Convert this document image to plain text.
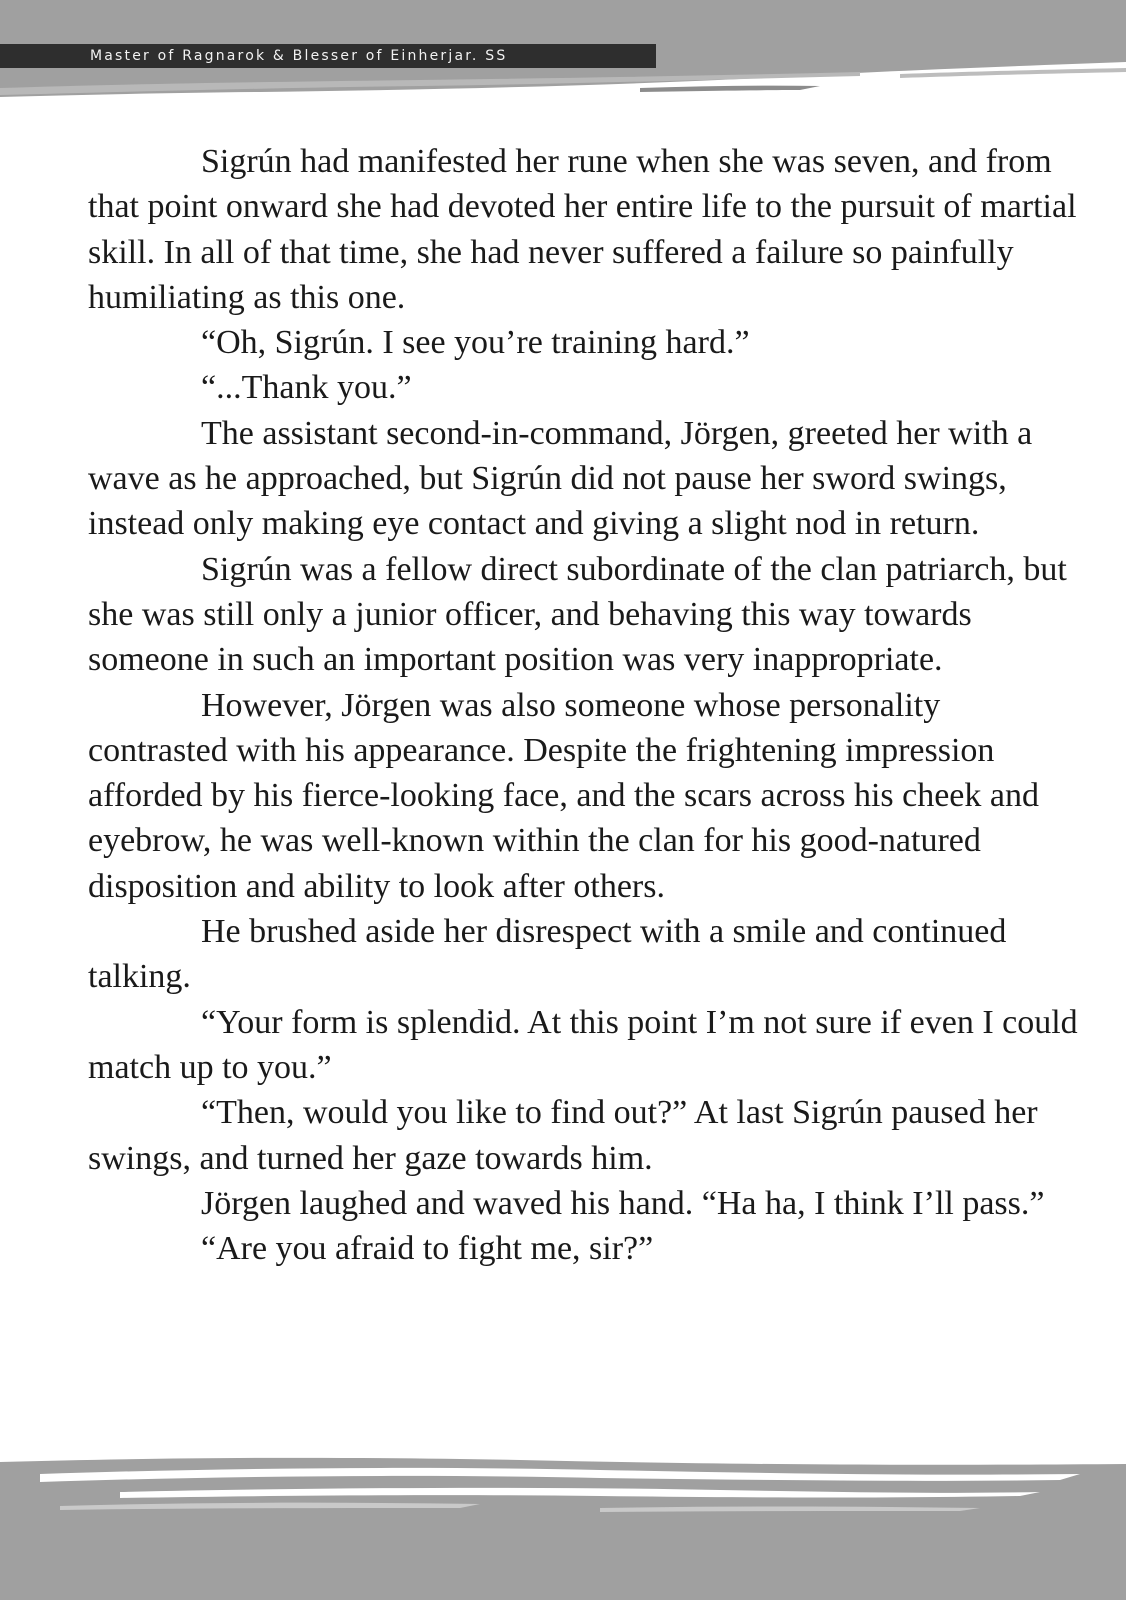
Master of Ragnarok & Blesser of Einherjar. SS

Sigrún had manifested her rune when she was seven, and from that point onward she had devoted her entire life to the pursuit of martial skill. In all of that time, she had never suffered a failure so painfully humiliating as this one.

“Oh, Sigrún. I see you’re training hard.”

“...Thank you.”

The assistant second-in-command, Jörgen, greeted her with a wave as he approached, but Sigrún did not pause her sword swings, instead only making eye contact and giving a slight nod in return.

Sigrún was a fellow direct subordinate of the clan patriarch, but she was still only a junior officer, and behaving this way towards someone in such an important position was very inappropriate.

However, Jörgen was also someone whose personality contrasted with his appearance. Despite the frightening impression afforded by his fierce-looking face, and the scars across his cheek and eyebrow, he was well-known within the clan for his good-natured disposition and ability to look after others.

He brushed aside her disrespect with a smile and continued talking.

“Your form is splendid. At this point I’m not sure if even I could match up to you.”

“Then, would you like to find out?” At last Sigrún paused her swings, and turned her gaze towards him.

Jörgen laughed and waved his hand. “Ha ha, I think I’ll pass.”

“Are you afraid to fight me, sir?”
